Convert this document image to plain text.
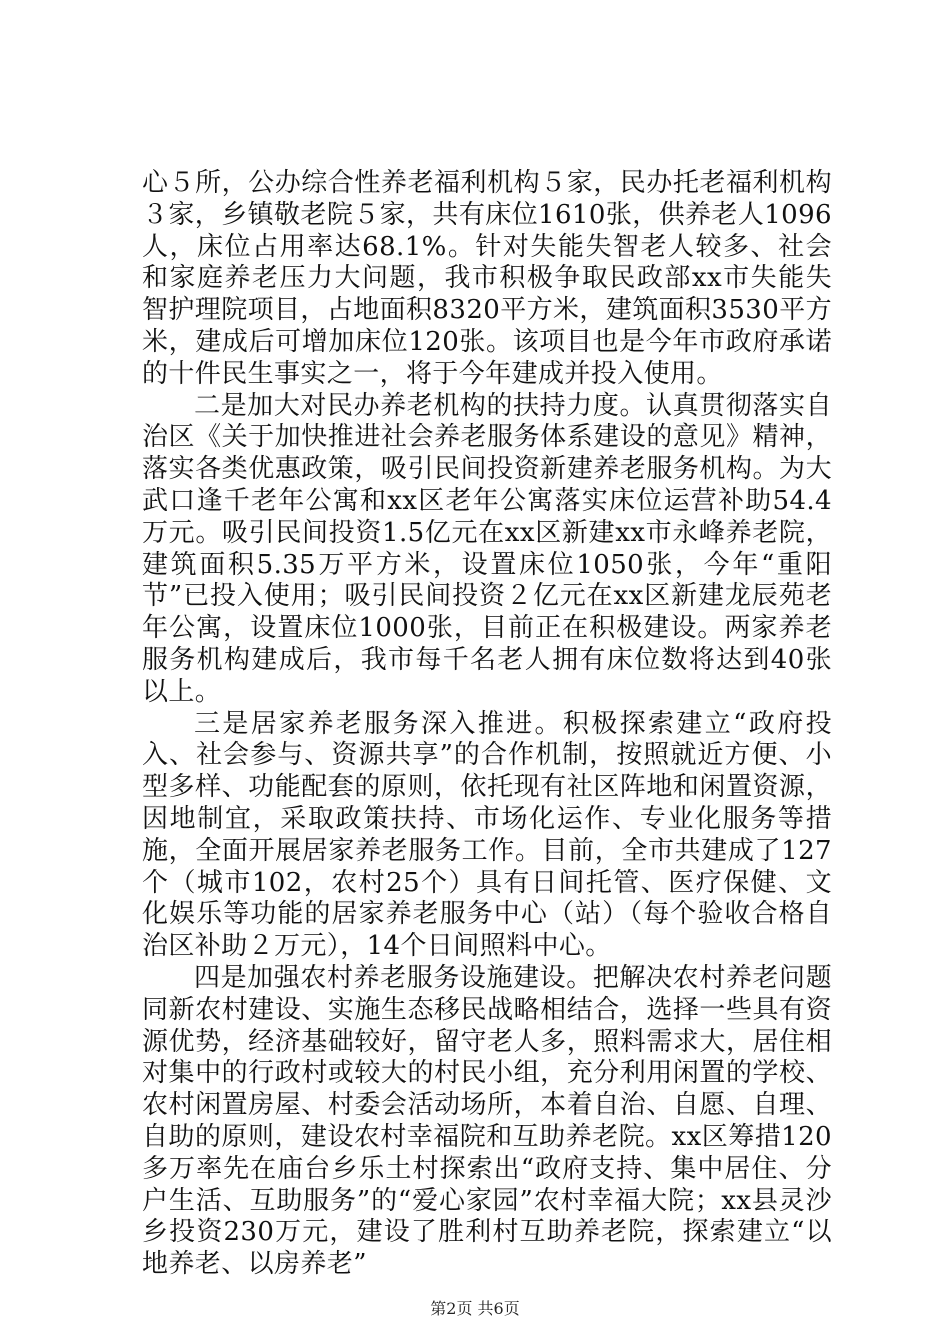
心５所，公办综合性养老福利机构５家，民办托老福利机构３家，乡镇敬老院５家，共有床位1610张，供养老人1096人，床位占用率达68.1%。针对失能失智老人较多、社会和家庭养老压力大问题，我市积极争取民政部xx市失能失智护理院项目，占地面积8320平方米，建筑面积3530平方米，建成后可增加床位120张。该项目也是今年市政府承诺的十件民生事实之一，将于今年建成并投入使用。

二是加大对民办养老机构的扶持力度。认真贯彻落实自治区《关于加快推进社会养老服务体系建设的意见》精神，落实各类优惠政策，吸引民间投资新建养老服务机构。为大武口逢千老年公寓和xx区老年公寓落实床位运营补助54.4万元。吸引民间投资1.5亿元在xx区新建xx市永峰养老院，建筑面积5.35万平方米，设置床位1050张，今年“重阳节”已投入使用；吸引民间投资２亿元在xx区新建龙辰苑老年公寓，设置床位1000张，目前正在积极建设。两家养老服务机构建成后，我市每千名老人拥有床位数将达到40张以上。

三是居家养老服务深入推进。积极探索建立“政府投入、社会参与、资源共享”的合作机制，按照就近方便、小型多样、功能配套的原则，依托现有社区阵地和闲置资源，因地制宜，采取政策扶持、市场化运作、专业化服务等措施，全面开展居家养老服务工作。目前，全市共建成了127个（城市102，农村25个）具有日间托管、医疗保健、文化娱乐等功能的居家养老服务中心（站）（每个验收合格自治区补助２万元），14个日间照料中心。

四是加强农村养老服务设施建设。把解决农村养老问题同新农村建设、实施生态移民战略相结合，选择一些具有资源优势，经济基础较好，留守老人多，照料需求大，居住相对集中的行政村或较大的村民小组，充分利用闲置的学校、农村闲置房屋、村委会活动场所，本着自治、自愿、自理、自助的原则，建设农村幸福院和互助养老院。xx区筹措120多万率先在庙台乡乐土村探索出“政府支持、集中居住、分户生活、互助服务”的“爱心家园”农村幸福大院；xx县灵沙乡投资230万元，建设了胜利村互助养老院，探索建立“以地养老、以房养老”

第2页 共6页
